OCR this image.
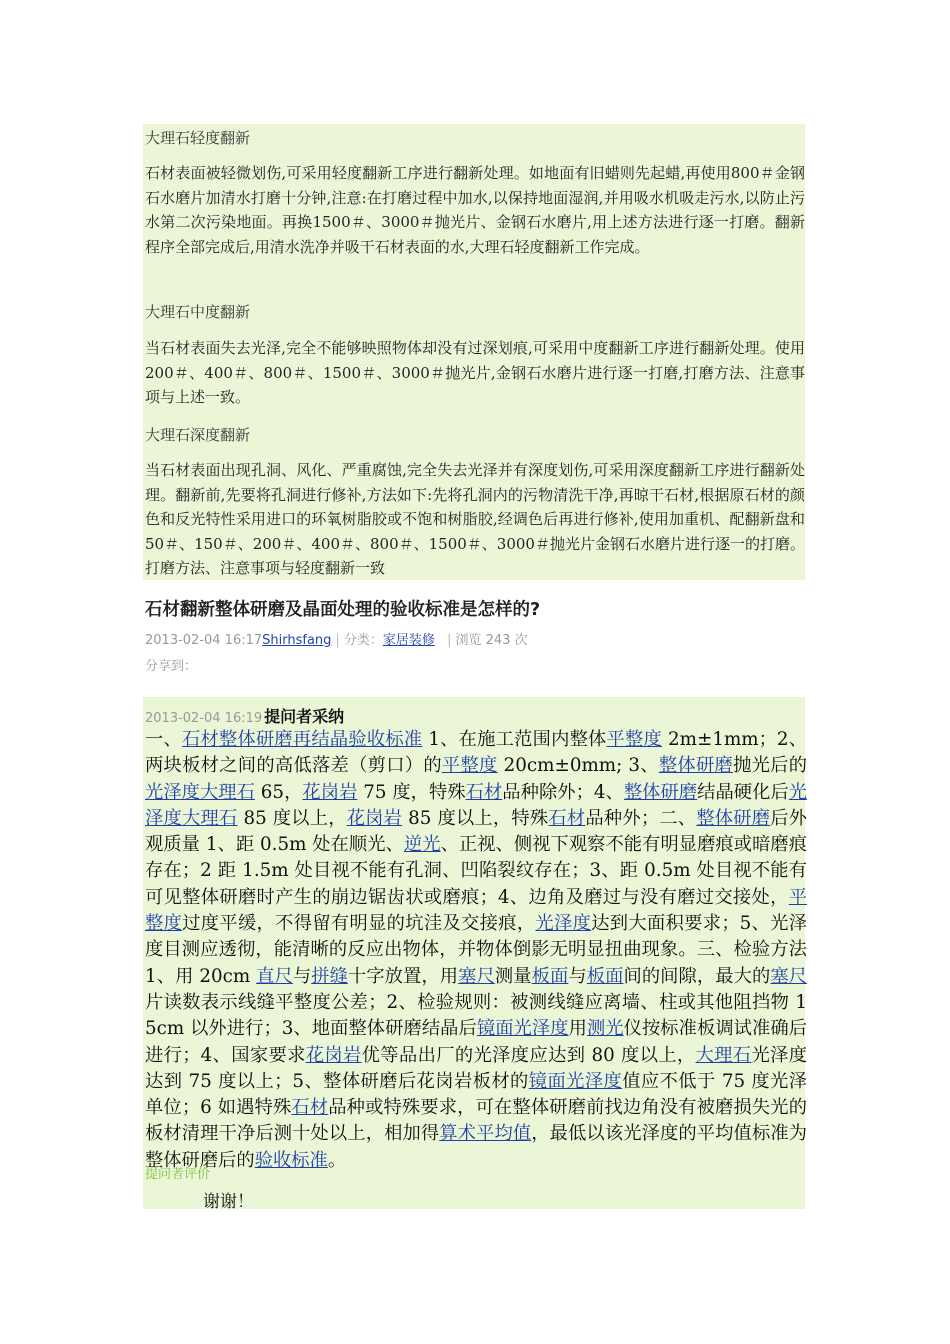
大理石轻度翻新
石材表面被轻微划伤,可采用轻度翻新工序进行翻新处理。如地面有旧蜡则先起蜡,再使用800＃金钢石水磨片加清水打磨十分钟,注意:在打磨过程中加水,以保持地面湿润,并用吸水机吸走污水,以防止污水第二次污染地面。再换1500＃、3000＃抛光片、金钢石水磨片,用上述方法进行逐一打磨。翻新程序全部完成后,用清水洗净并吸干石材表面的水,大理石轻度翻新工作完成。
大理石中度翻新
当石材表面失去光泽,完全不能够映照物体却没有过深划痕,可采用中度翻新工序进行翻新处理。使用200＃、400＃、800＃、1500＃、3000＃抛光片,金钢石水磨片进行逐一打磨,打磨方法、注意事项与上述一致。
大理石深度翻新
当石材表面出现孔洞、风化、严重腐蚀,完全失去光泽并有深度划伤,可采用深度翻新工序进行翻新处理。翻新前,先要将孔洞进行修补,方法如下:先将孔洞内的污物清洗干净,再晾干石材,根据原石材的颜色和反光特性采用进口的环氧树脂胶或不饱和树脂胶,经调色后再进行修补,使用加重机、配翻新盘和50＃、150＃、200＃、400＃、800＃、1500＃、3000＃抛光片金钢石水磨片进行逐一的打磨。打磨方法、注意事项与轻度翻新一致
石材翻新整体研磨及晶面处理的验收标准是怎样的?
2013-02-04 16:17Shirhsfang | 分类：家居装修  | 浏览 243 次
分享到：
2013-02-04 16:19 提问者采纳
一、石材整体研磨再结晶验收标准 1、在施工范围内整体平整度 2m±1mm；2、两块板材之间的高低落差（剪口）的平整度 20cm±0mm; 3、整体研磨抛光后的光泽度大理石 65，花岗岩 75 度，特殊石材品种除外；4、整体研磨结晶硬化后光泽度大理石 85 度以上，花岗岩 85 度以上，特殊石材品种外；二、整体研磨后外观质量 1、距 0.5m 处在顺光、逆光、正视、侧视下观察不能有明显磨痕或暗磨痕存在；2 距 1.5m 处目视不能有孔洞、凹陷裂纹存在；3、距 0.5m 处目视不能有可见整体研磨时产生的崩边锯齿状或磨痕；4、边角及磨过与没有磨过交接处，平整度过度平缓，不得留有明显的坑洼及交接痕，光泽度达到大面积要求；5、光泽度目测应透彻，能清晰的反应出物体，并物体倒影无明显扭曲现象。三、检验方法 1、用 20cm 直尺与拼缝十字放置，用塞尺测量板面与板面间的间隙，最大的塞尺片读数表示线缝平整度公差；2、检验规则：被测线缝应离墙、柱或其他阻挡物 15cm 以外进行；3、地面整体研磨结晶后镜面光泽度用测光仪按标准板调试准确后进行；4、国家要求花岗岩优等品出厂的光泽度应达到 80 度以上，大理石光泽度达到 75 度以上；5、整体研磨后花岗岩板材的镜面光泽度值应不低于 75 度光泽单位；6 如遇特殊石材品种或特殊要求，可在整体研磨前找边角没有被磨损失光的板材清理干净后测十处以上，相加得算术平均值，最低以该光泽度的平均值标准为整体研磨后的验收标准。
提问者评价
谢谢！
